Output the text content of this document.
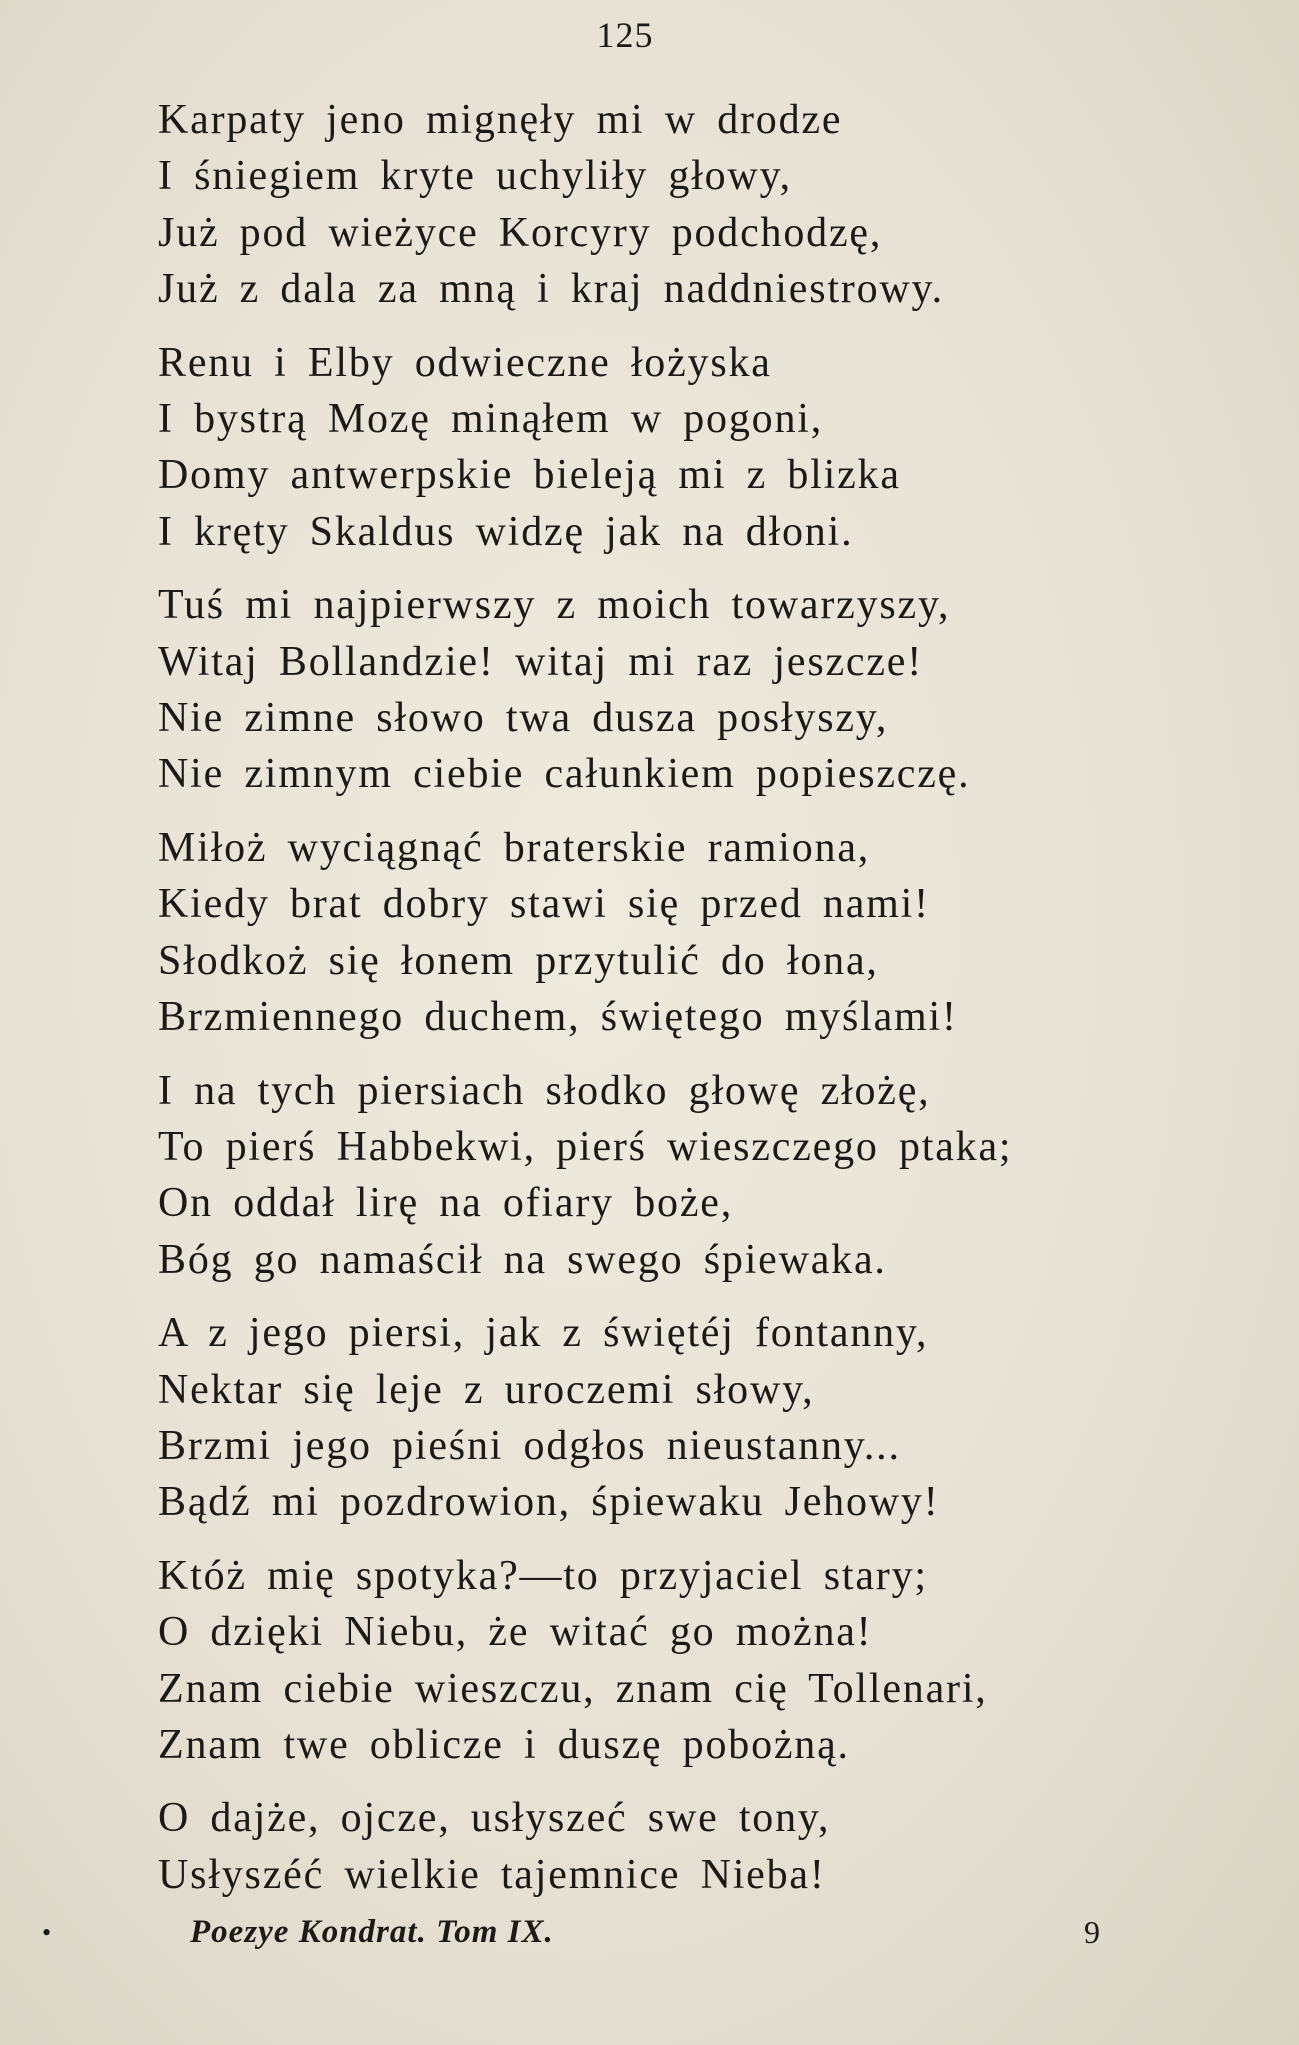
125
Karpaty jeno mignęły mi w drodze
I śniegiem kryte uchyliły głowy,
Już pod wieżyce Korcyry podchodzę,
Już z dala za mną i kraj naddniestrowy.
Renu i Elby odwieczne łożyska
I bystrą Mozę minąłem w pogoni,
Domy antwerpskie bieleją mi z blizka
I kręty Skaldus widzę jak na dłoni.
Tuś mi najpierwszy z moich towarzyszy,
Witaj Bollandzie! witaj mi raz jeszcze!
Nie zimne słowo twa dusza posłyszy,
Nie zimnym ciebie całunkiem popieszczę.
Miłoż wyciągnąć braterskie ramiona,
Kiedy brat dobry stawi się przed nami!
Słodkoż się łonem przytulić do łona,
Brzmiennego duchem, świętego myślami!
I na tych piersiach słodko głowę złożę,
To pierś Habbekwi, pierś wieszczego ptaka;
On oddał lirę na ofiary boże,
Bóg go namaścił na swego śpiewaka.
A z jego piersi, jak z świętéj fontanny,
Nektar się leje z uroczemi słowy,
Brzmi jego pieśni odgłos nieustanny...
Bądź mi pozdrowion, śpiewaku Jehowy!
Któż mię spotyka?—to przyjaciel stary;
O dzięki Niebu, że witać go można!
Znam ciebie wieszczu, znam cię Tollenari,
Znam twe oblicze i duszę pobożną.
O dajże, ojcze, usłyszeć swe tony,
Usłyszéć wielkie tajemnice Nieba!
•	Poezye Kondrat. Tom IX.	9
